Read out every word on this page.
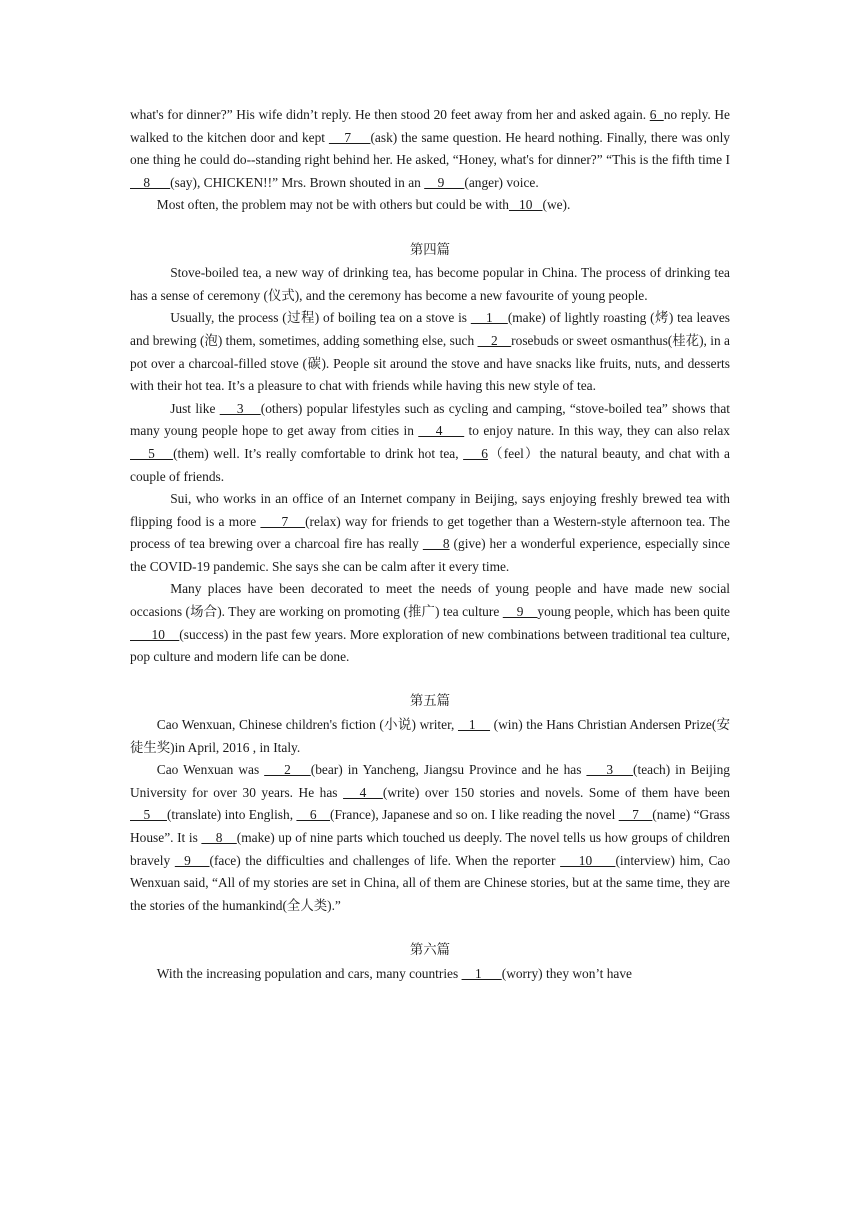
what's for dinner?” His wife didn’t reply. He then stood 20 feet away from her and asked again. 6  no reply. He walked to the kitchen door and kept     7     (ask) the same question. He heard nothing. Finally, there was only one thing he could do--standing right behind her. He asked, “Honey, what's for dinner?” “This is the fifth time I     8      (say), CHICKEN!!” Mrs. Brown shouted in an     9      (anger) voice.

Most often, the problem may not be with others but could be with   10   (we).

第四篇

Stove-boiled tea, a new way of drinking tea, has become popular in China. The process of drinking tea has a sense of ceremony (仪式), and the ceremony has become a new favourite of young people.

Usually, the process (过程) of boiling tea on a stove is     1    (make) of lightly roasting (烤) tea leaves and brewing (泡) them, sometimes, adding something else, such     2    rosebuds or sweet osmanthus(桂花), in a pot over a charcoal-filled stove (碳). People sit around the stove and have snacks like fruits, nuts, and desserts with their hot tea. It’s a pleasure to chat with friends while having this new style of tea.

Just like     3    (others) popular lifestyles such as cycling and camping, “stove-boiled tea” shows that many young people hope to get away from cities in     4      to enjoy nature. In this way, they can also relax    5    (them) well. It’s really comfortable to drink hot tea,     6（feel）the natural beauty, and chat with a couple of friends.

Sui, who works in an office of an Internet company in Beijing, says enjoying freshly brewed tea with flipping food is a more      7    (relax) way for friends to get together than a Western-style afternoon tea. The process of tea brewing over a charcoal fire has really      8 (give) her a wonderful experience, especially since the COVID-19 pandemic. She says she can be calm after it every time.

Many places have been decorated to meet the needs of young people and have made new social occasions (场合). They are working on promoting (推广) tea culture     9    young people, which has been quite       10    (success) in the past few years. More exploration of new combinations between traditional tea culture, pop culture and modern life can be done.

第五篇

Cao Wenxuan, Chinese children's fiction (小说) writer,    1     (win) the Hans Christian Andersen Prize(安徒生奖)in April, 2016 , in Italy.

Cao Wenxuan was     2    (bear) in Yancheng, Jiangsu Province and he has     3    (teach) in Beijing University for over 30 years. He has    4   (write) over 150 stories and novels. Some of them have been     5     (translate) into English,     6    (France), Japanese and so on. I like reading the novel     7    (name) “Grass House”. It is     8    (make) up of nine parts which touched us deeply. The novel tells us how groups of children bravely   9    (face) the difficulties and challenges of life. When the reporter     10     (interview) him, Cao Wenxuan said, “All of my stories are set in China, all of them are Chinese stories, but at the same time, they are the stories of the humankind(全人类).”

第六篇

With the increasing population and cars, many countries     1      (worry) they won’t have
